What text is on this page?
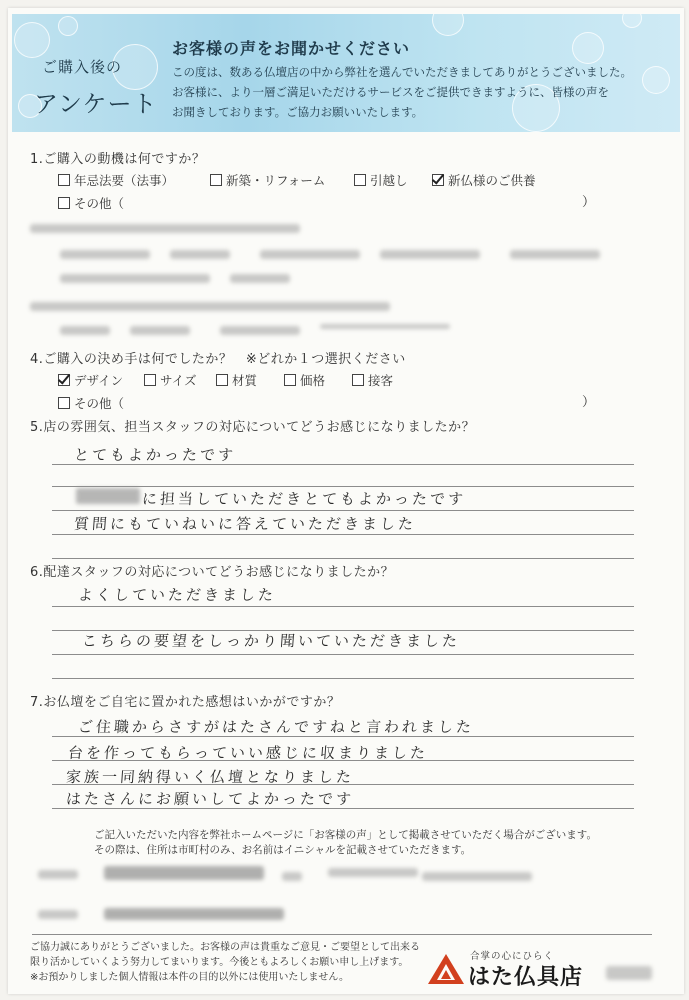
ご購入後の
アンケート
お客様の声をお聞かせください
この度は、数ある仏壇店の中から弊社を選んでいただきましてありがとうございました。
お客様に、より一層ご満足いただけるサービスをご提供できますように、皆様の声を
お聞きしております。ご協力お願いいたします。
1.ご購入の動機は何ですか？
年忌法要（法事）	新築・リフォーム	引越し	新仏様のご供養
その他（	）
4.ご購入の決め手は何でしたか？　※どれか１つ選択ください
デザイン	サイズ	材質	価格	接客
その他（	）
5.店の雰囲気、担当スタッフの対応についてどうお感じになりましたか？
とてもよかったです
に担当していただきとてもよかったです
質問にもていねいに答えていただきました
6.配達スタッフの対応についてどうお感じになりましたか？
よくしていただきました
こちらの要望をしっかり聞いていただきました
7.お仏壇をご自宅に置かれた感想はいかがですか？
ご住職からさすがはたさんですねと言われました
台を作ってもらっていい感じに収まりました
家族一同納得いく仏壇となりました
はたさんにお願いしてよかったです
ご記入いただいた内容を弊社ホームページに「お客様の声」として掲載させていただく場合がございます。
その際は、住所は市町村のみ、お名前はイニシャルを記載させていただきます。
ご協力誠にありがとうございました。お客様の声は貴重なご意見・ご要望として出来る
限り活かしていくよう努力してまいります。今後ともよろしくお願い申し上げます。
※お預かりしました個人情報は本件の目的以外には使用いたしません。
合掌の心にひらく
はた仏具店
